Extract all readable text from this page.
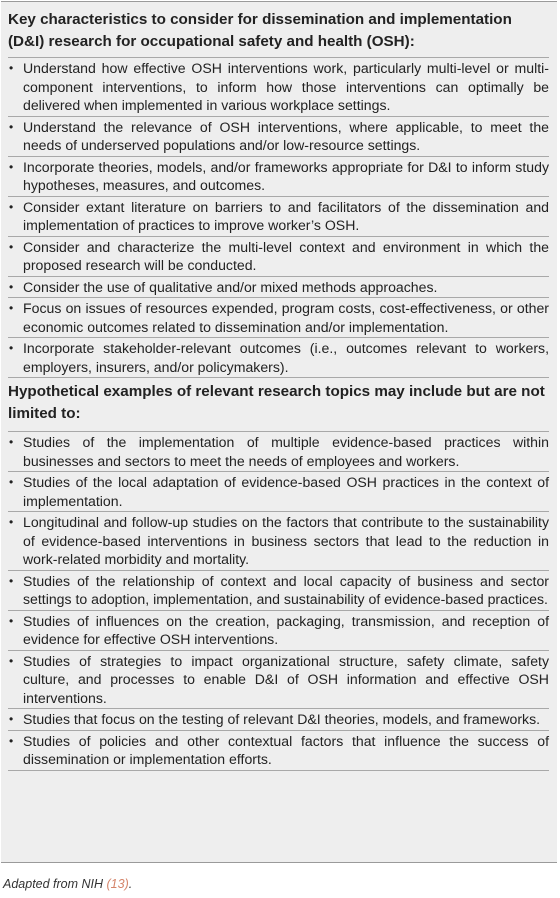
Key characteristics to consider for dissemination and implementation (D&I) research for occupational safety and health (OSH):

• Understand how effective OSH interventions work, particularly multi-level or multi-component interventions, to inform how those interventions can optimally be delivered when implemented in various workplace settings.
• Understand the relevance of OSH interventions, where applicable, to meet the needs of underserved populations and/or low-resource settings.
• Incorporate theories, models, and/or frameworks appropriate for D&I to inform study hypotheses, measures, and outcomes.
• Consider extant literature on barriers to and facilitators of the dissemination and implementation of practices to improve worker’s OSH.
• Consider and characterize the multi-level context and environment in which the proposed research will be conducted.
• Consider the use of qualitative and/or mixed methods approaches.
• Focus on issues of resources expended, program costs, cost-effectiveness, or other economic outcomes related to dissemination and/or implementation.
• Incorporate stakeholder-relevant outcomes (i.e., outcomes relevant to workers, employers, insurers, and/or policymakers).

Hypothetical examples of relevant research topics may include but are not limited to:

• Studies of the implementation of multiple evidence-based practices within businesses and sectors to meet the needs of employees and workers.
• Studies of the local adaptation of evidence-based OSH practices in the context of implementation.
• Longitudinal and follow-up studies on the factors that contribute to the sustainability of evidence-based interventions in business sectors that lead to the reduction in work-related morbidity and mortality.
• Studies of the relationship of context and local capacity of business and sector settings to adoption, implementation, and sustainability of evidence-based practices.
• Studies of influences on the creation, packaging, transmission, and reception of evidence for effective OSH interventions.
• Studies of strategies to impact organizational structure, safety climate, safety culture, and processes to enable D&I of OSH information and effective OSH interventions.
• Studies that focus on the testing of relevant D&I theories, models, and frameworks.
• Studies of policies and other contextual factors that influence the success of dissemination or implementation efforts.
Adapted from NIH (13).
